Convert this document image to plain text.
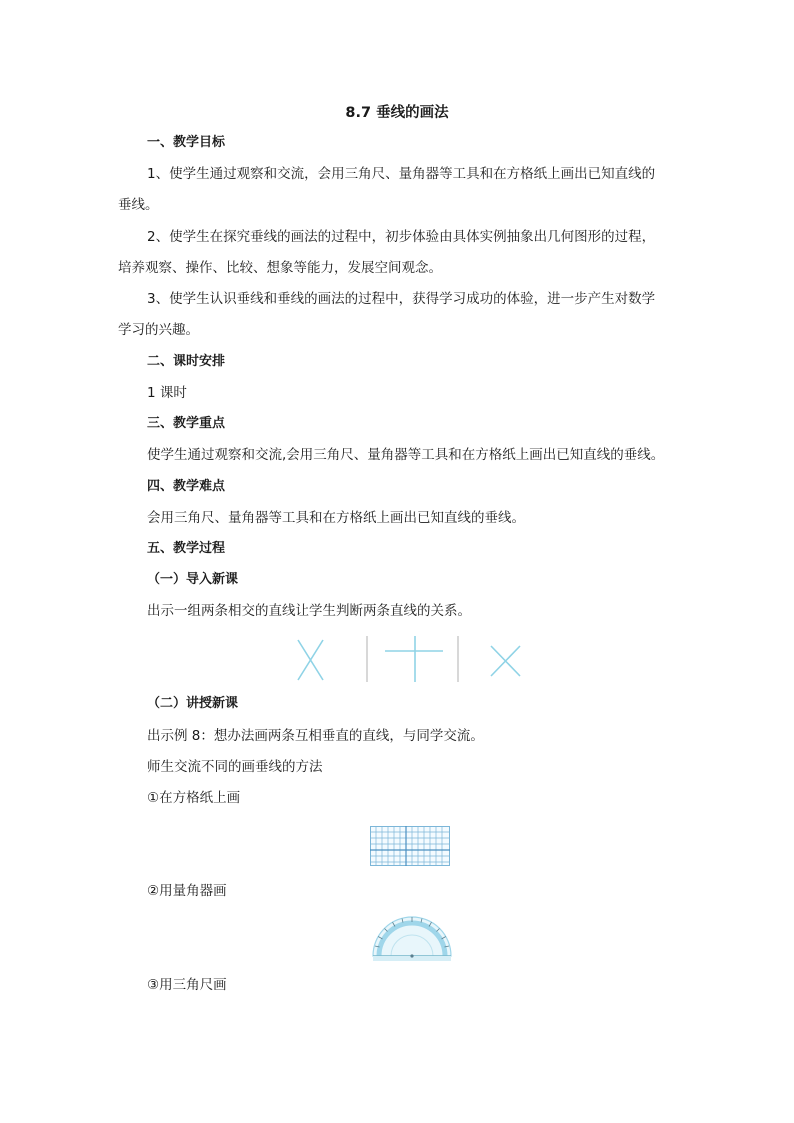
8.7 垂线的画法
一、教学目标
1、使学生通过观察和交流，会用三角尺、量角器等工具和在方格纸上画出已知直线的
垂线。
2、使学生在探究垂线的画法的过程中，初步体验由具体实例抽象出几何图形的过程，
培养观察、操作、比较、想象等能力，发展空间观念。
3、使学生认识垂线和垂线的画法的过程中，获得学习成功的体验，进一步产生对数学
学习的兴趣。
二、课时安排
1 课时
三、教学重点
使学生通过观察和交流,会用三角尺、量角器等工具和在方格纸上画出已知直线的垂线。
四、教学难点
会用三角尺、量角器等工具和在方格纸上画出已知直线的垂线。
五、教学过程
（一）导入新课
出示一组两条相交的直线让学生判断两条直线的关系。
（二）讲授新课
出示例 8：想办法画两条互相垂直的直线，与同学交流。
师生交流不同的画垂线的方法
①在方格纸上画
②用量角器画
③用三角尺画
